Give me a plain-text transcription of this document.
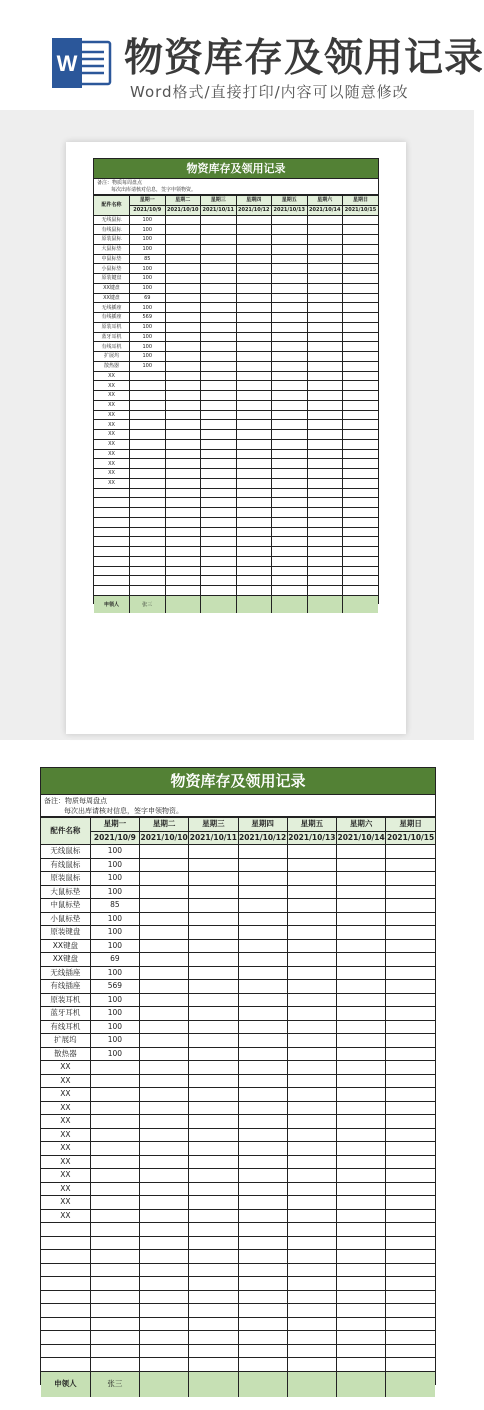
W 物资库存及领用记录
Word格式/直接打印/内容可以随意修改
物资库存及领用记录
备注：物质每周盘点
每次出库请核对信息，签字申领物资。
配件名称	星期一	星期二	星期三	星期四	星期五	星期六	星期日
	2021/10/9	2021/10/10	2021/10/11	2021/10/12	2021/10/13	2021/10/14	2021/10/15
无线鼠标	100						
有线鼠标	100						
原装鼠标	100						
大鼠标垫	100						
中鼠标垫	85						
小鼠标垫	100						
原装键盘	100						
XX键盘	100						
XX键盘	69						
无线插座	100						
有线插座	569						
原装耳机	100						
蓝牙耳机	100						
有线耳机	100						
扩展坞	100						
散热器	100						
XX							
XX							
XX							
XX							
XX							
XX							
XX							
XX							
XX							
XX							
XX							
XX							

申领人	张三						
物资库存及领用记录
备注：物质每周盘点
每次出库请核对信息，签字申领物资。
配件名称	星期一	星期二	星期三	星期四	星期五	星期六	星期日
	2021/10/9	2021/10/10	2021/10/11	2021/10/12	2021/10/13	2021/10/14	2021/10/15
无线鼠标	100						
有线鼠标	100						
原装鼠标	100						
大鼠标垫	100						
中鼠标垫	85						
小鼠标垫	100						
原装键盘	100						
XX键盘	100						
XX键盘	69						
无线插座	100						
有线插座	569						
原装耳机	100						
蓝牙耳机	100						
有线耳机	100						
扩展坞	100						
散热器	100						
XX							
XX							
XX							
XX							
XX							
XX							
XX							
XX							
XX							
XX							
XX							
XX							

申领人	张三						
